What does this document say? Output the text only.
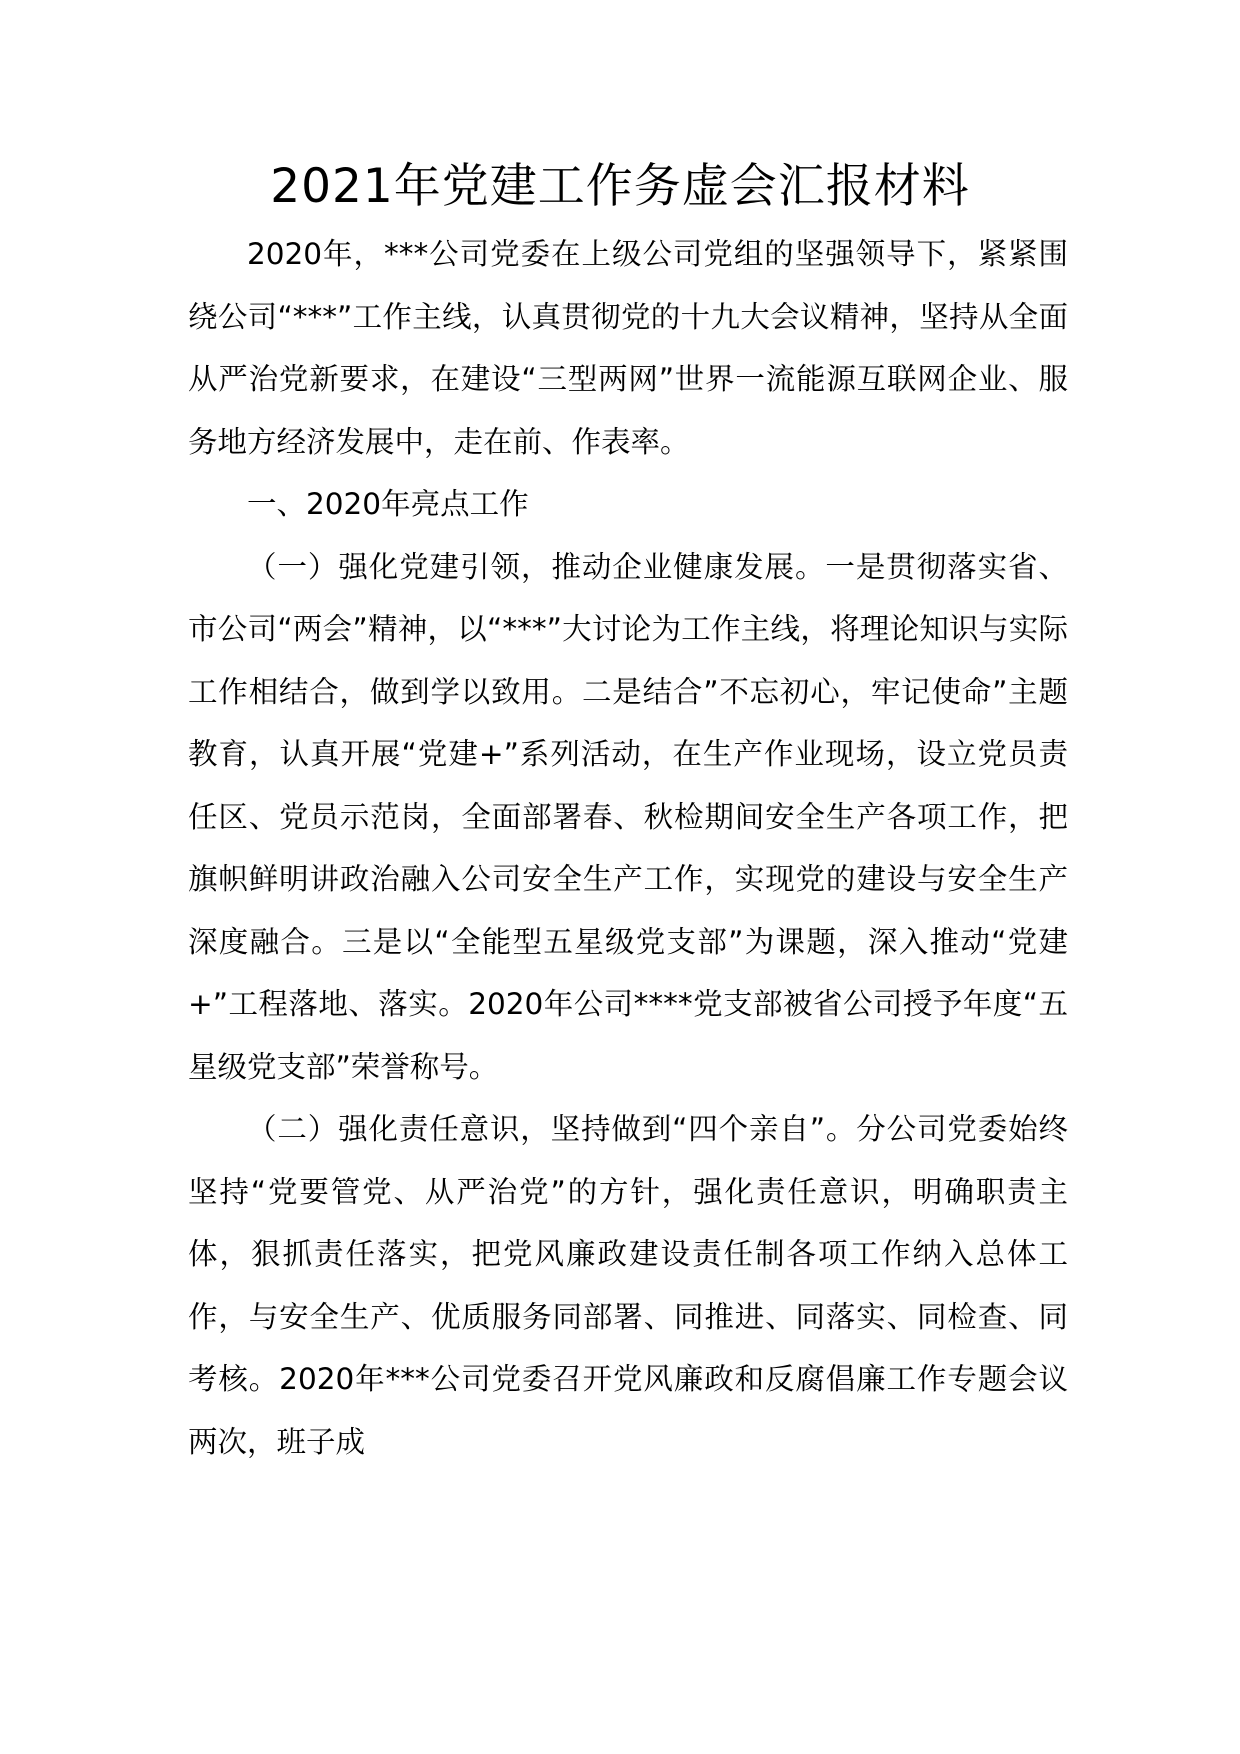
2021年党建工作务虚会汇报材料

2020年，***公司党委在上级公司党组的坚强领导下，紧紧围绕公司“***”工作主线，认真贯彻党的十九大会议精神，坚持从全面从严治党新要求，在建设“三型两网”世界一流能源互联网企业、服务地方经济发展中，走在前、作表率。

一、2020年亮点工作

（一）强化党建引领，推动企业健康发展。一是贯彻落实省、市公司“两会”精神，以“***”大讨论为工作主线，将理论知识与实际工作相结合，做到学以致用。二是结合”不忘初心，牢记使命”主题教育，认真开展“党建+”系列活动，在生产作业现场，设立党员责任区、党员示范岗，全面部署春、秋检期间安全生产各项工作，把旗帜鲜明讲政治融入公司安全生产工作，实现党的建设与安全生产深度融合。三是以“全能型五星级党支部”为课题，深入推动“党建+”工程落地、落实。2020年公司****党支部被省公司授予年度“五星级党支部”荣誉称号。

（二）强化责任意识，坚持做到“四个亲自”。分公司党委始终坚持“党要管党、从严治党”的方针，强化责任意识，明确职责主体，狠抓责任落实，把党风廉政建设责任制各项工作纳入总体工作，与安全生产、优质服务同部署、同推进、同落实、同检查、同考核。2020年***公司党委召开党风廉政和反腐倡廉工作专题会议两次，班子成
